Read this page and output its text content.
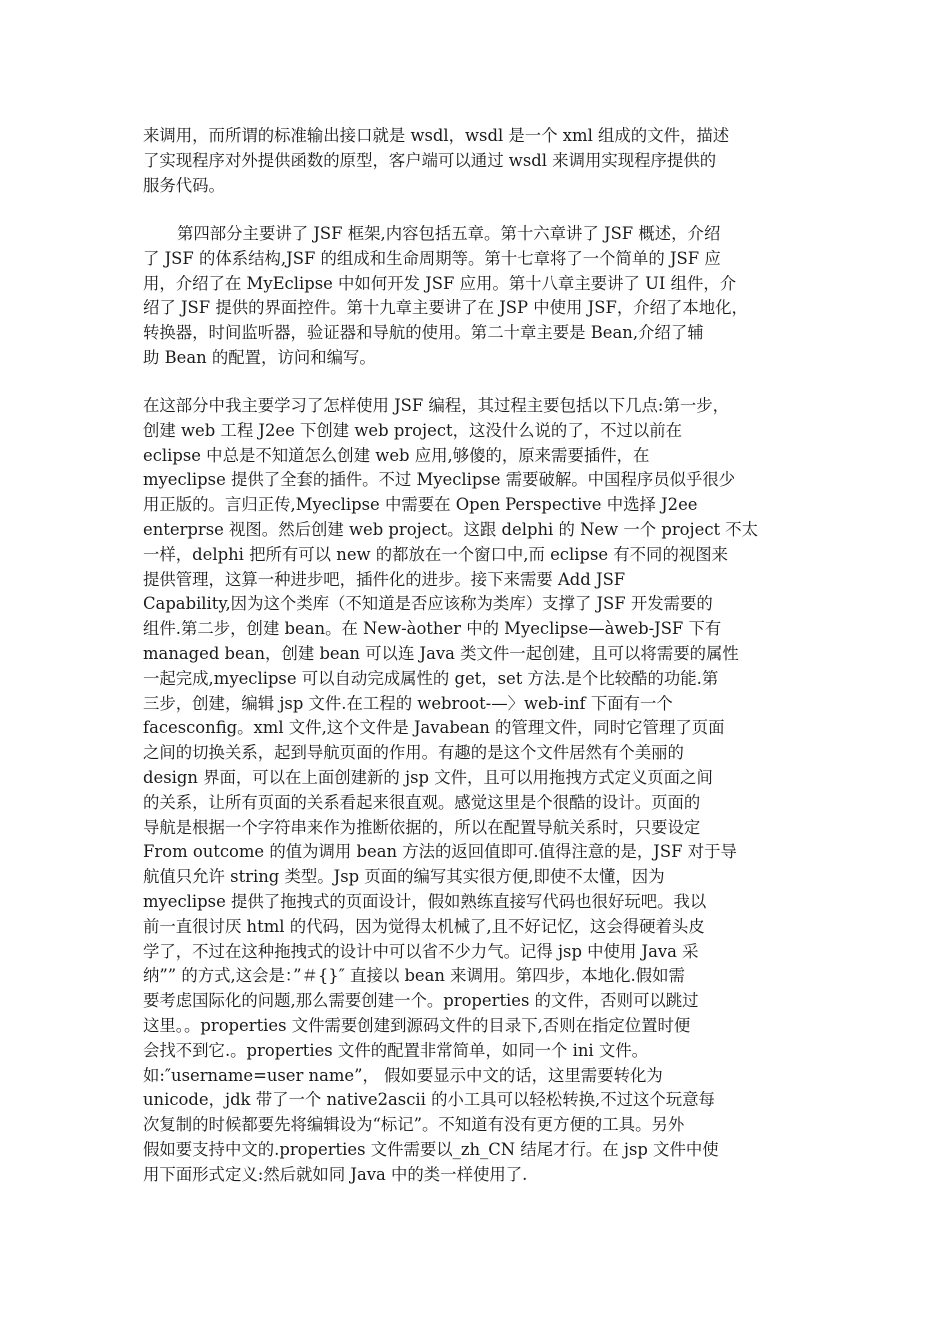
来调用，而所谓的标准输出接口就是 wsdl，wsdl 是一个 xml 组成的文件，描述
了实现程序对外提供函数的原型，客户端可以通过 wsdl 来调用实现程序提供的
服务代码。
第四部分主要讲了 JSF 框架,内容包括五章。第十六章讲了 JSF 概述，介绍
了 JSF 的体系结构,JSF 的组成和生命周期等。第十七章将了一个简单的 JSF 应
用，介绍了在 MyEclipse 中如何开发 JSF 应用。第十八章主要讲了 UI 组件，介
绍了 JSF 提供的界面控件。第十九章主要讲了在 JSP 中使用 JSF，介绍了本地化，
转换器，时间监听器，验证器和导航的使用。第二十章主要是 Bean,介绍了辅
助 Bean 的配置，访问和编写。
在这部分中我主要学习了怎样使用 JSF 编程，其过程主要包括以下几点:第一步，
创建 web 工程 J2ee 下创建 web project，这没什么说的了，不过以前在
eclipse 中总是不知道怎么创建 web 应用,够傻的，原来需要插件，在
myeclipse 提供了全套的插件。不过 Myeclipse 需要破解。中国程序员似乎很少
用正版的。言归正传,Myeclipse 中需要在 Open Perspective 中选择 J2ee
enterprse 视图。然后创建 web project。这跟 delphi 的 New 一个 project 不太
一样，delphi 把所有可以 new 的都放在一个窗口中,而 eclipse 有不同的视图来
提供管理，这算一种进步吧，插件化的进步。接下来需要 Add JSF
Capability,因为这个类库（不知道是否应该称为类库）支撑了 JSF 开发需要的
组件.第二步，创建 bean。在 New-àother 中的 Myeclipse—àweb-JSF 下有
managed bean，创建 bean 可以连 Java 类文件一起创建，且可以将需要的属性
一起完成,myeclipse 可以自动完成属性的 get，set 方法.是个比较酷的功能.第
三步，创建，编辑 jsp 文件.在工程的 webroot-—〉web-inf 下面有一个
facesconfig。xml 文件,这个文件是 Javabean 的管理文件，同时它管理了页面
之间的切换关系，起到导航页面的作用。有趣的是这个文件居然有个美丽的
design 界面，可以在上面创建新的 jsp 文件，且可以用拖拽方式定义页面之间
的关系，让所有页面的关系看起来很直观。感觉这里是个很酷的设计。页面的
导航是根据一个字符串来作为推断依据的，所以在配置导航关系时，只要设定
From outcome 的值为调用 bean 方法的返回值即可.值得注意的是，JSF 对于导
航值只允许 string 类型。Jsp 页面的编写其实很方便,即使不太懂，因为
myeclipse 提供了拖拽式的页面设计，假如熟练直接写代码也很好玩吧。我以
前一直很讨厌 html 的代码，因为觉得太机械了,且不好记忆，这会得硬着头皮
学了，不过在这种拖拽式的设计中可以省不少力气。记得 jsp 中使用 Java 采
纳”” 的方式,这会是：”＃{}″ 直接以 bean 来调用。第四步，本地化.假如需
要考虑国际化的问题,那么需要创建一个。properties 的文件，否则可以跳过
这里。。properties 文件需要创建到源码文件的目录下,否则在指定位置时便
会找不到它.。properties 文件的配置非常简单，如同一个 ini 文件。
如:″username=user name”， 假如要显示中文的话，这里需要转化为
unicode，jdk 带了一个 native2ascii 的小工具可以轻松转换,不过这个玩意每
次复制的时候都要先将编辑设为“标记”。不知道有没有更方便的工具。另外
假如要支持中文的.properties 文件需要以_zh_CN 结尾才行。在 jsp 文件中使
用下面形式定义:然后就如同 Java 中的类一样使用了.
